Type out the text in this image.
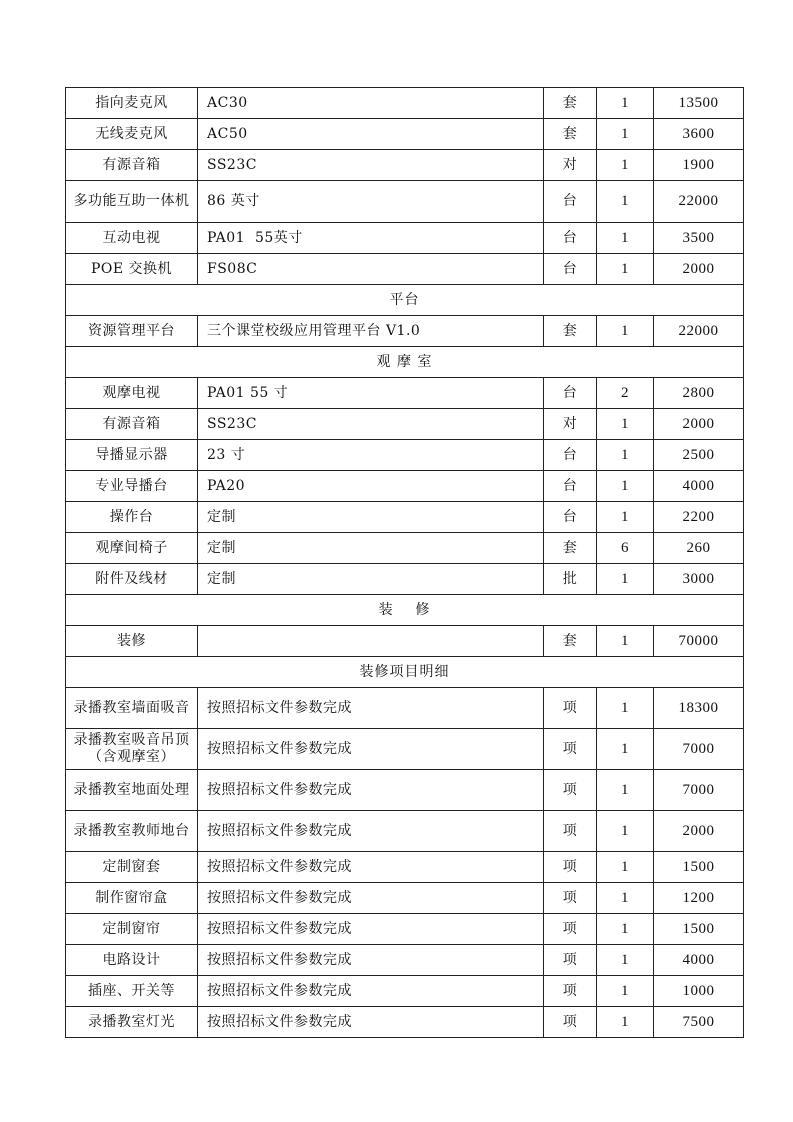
指向麦克风	AC30	套	1	13500
无线麦克风	AC50	套	1	3600
有源音箱	SS23C	对	1	1900
多功能互助一体机	86 英寸	台	1	22000
互动电视	PA01  55英寸	台	1	3500
POE 交换机	FS08C	台	1	2000
平台				
资源管理平台	三个课堂校级应用管理平台 V1.0	套	1	22000
观 摩 室				
观摩电视	PA01 55 寸	台	2	2800
有源音箱	SS23C	对	1	2000
导播显示器	23 寸	台	1	2500
专业导播台	PA20	台	1	4000
操作台	定制	台	1	2200
观摩间椅子	定制	套	6	260
附件及线材	定制	批	1	3000
装    修				
装修		套	1	70000
装修项目明细				
录播教室墙面吸音	按照招标文件参数完成	项	1	18300
录播教室吸音吊顶（含观摩室）	按照招标文件参数完成	项	1	7000
录播教室地面处理	按照招标文件参数完成	项	1	7000
录播教室教师地台	按照招标文件参数完成	项	1	2000
定制窗套	按照招标文件参数完成	项	1	1500
制作窗帘盒	按照招标文件参数完成	项	1	1200
定制窗帘	按照招标文件参数完成	项	1	1500
电路设计	按照招标文件参数完成	项	1	4000
插座、开关等	按照招标文件参数完成	项	1	1000
录播教室灯光	按照招标文件参数完成	项	1	7500
